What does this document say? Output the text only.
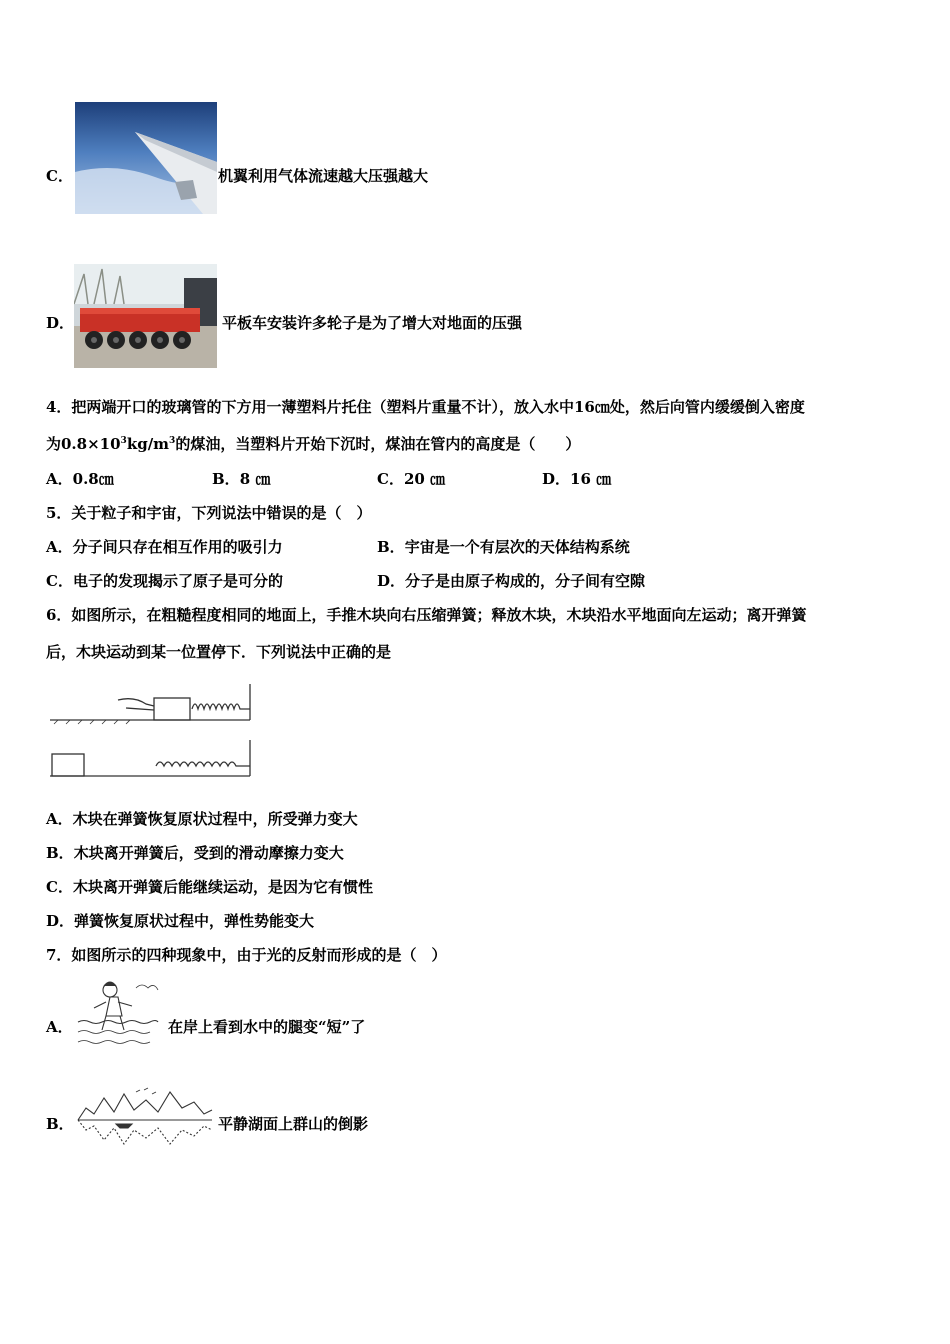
C．	机翼利用气体流速越大压强越大
D．	平板车安装许多轮子是为了增大对地面的压强
4．把两端开口的玻璃管的下方用一薄塑料片托住（塑料片重量不计），放入水中16㎝处，然后向管内缓缓倒入密度
为$0.8\times 10^3kg/m^3$的煤油，当塑料片开始下沉时，煤油在管内的高度是（　　）
A．0.8㎝	B．8 ㎝	C．20 ㎝	D．16 ㎝
5．关于粒子和宇宙，下列说法中错误的是（　）
A．分子间只存在相互作用的吸引力	B．宇宙是一个有层次的天体结构系统
C．电子的发现揭示了原子是可分的	D．分子是由原子构成的，分子间有空隙
6．如图所示，在粗糙程度相同的地面上，手推木块向右压缩弹簧；释放木块，木块沿水平地面向左运动；离开弹簧
后，木块运动到某一位置停下．下列说法中正确的是
A．木块在弹簧恢复原状过程中，所受弹力变大
B．木块离开弹簧后，受到的滑动摩擦力变大
C．木块离开弹簧后能继续运动，是因为它有惯性
D．弹簧恢复原状过程中，弹性势能变大
7．如图所示的四种现象中，由于光的反射而形成的是（　）
A．	在岸上看到水中的腿变“短”了
B．	平静湖面上群山的倒影
